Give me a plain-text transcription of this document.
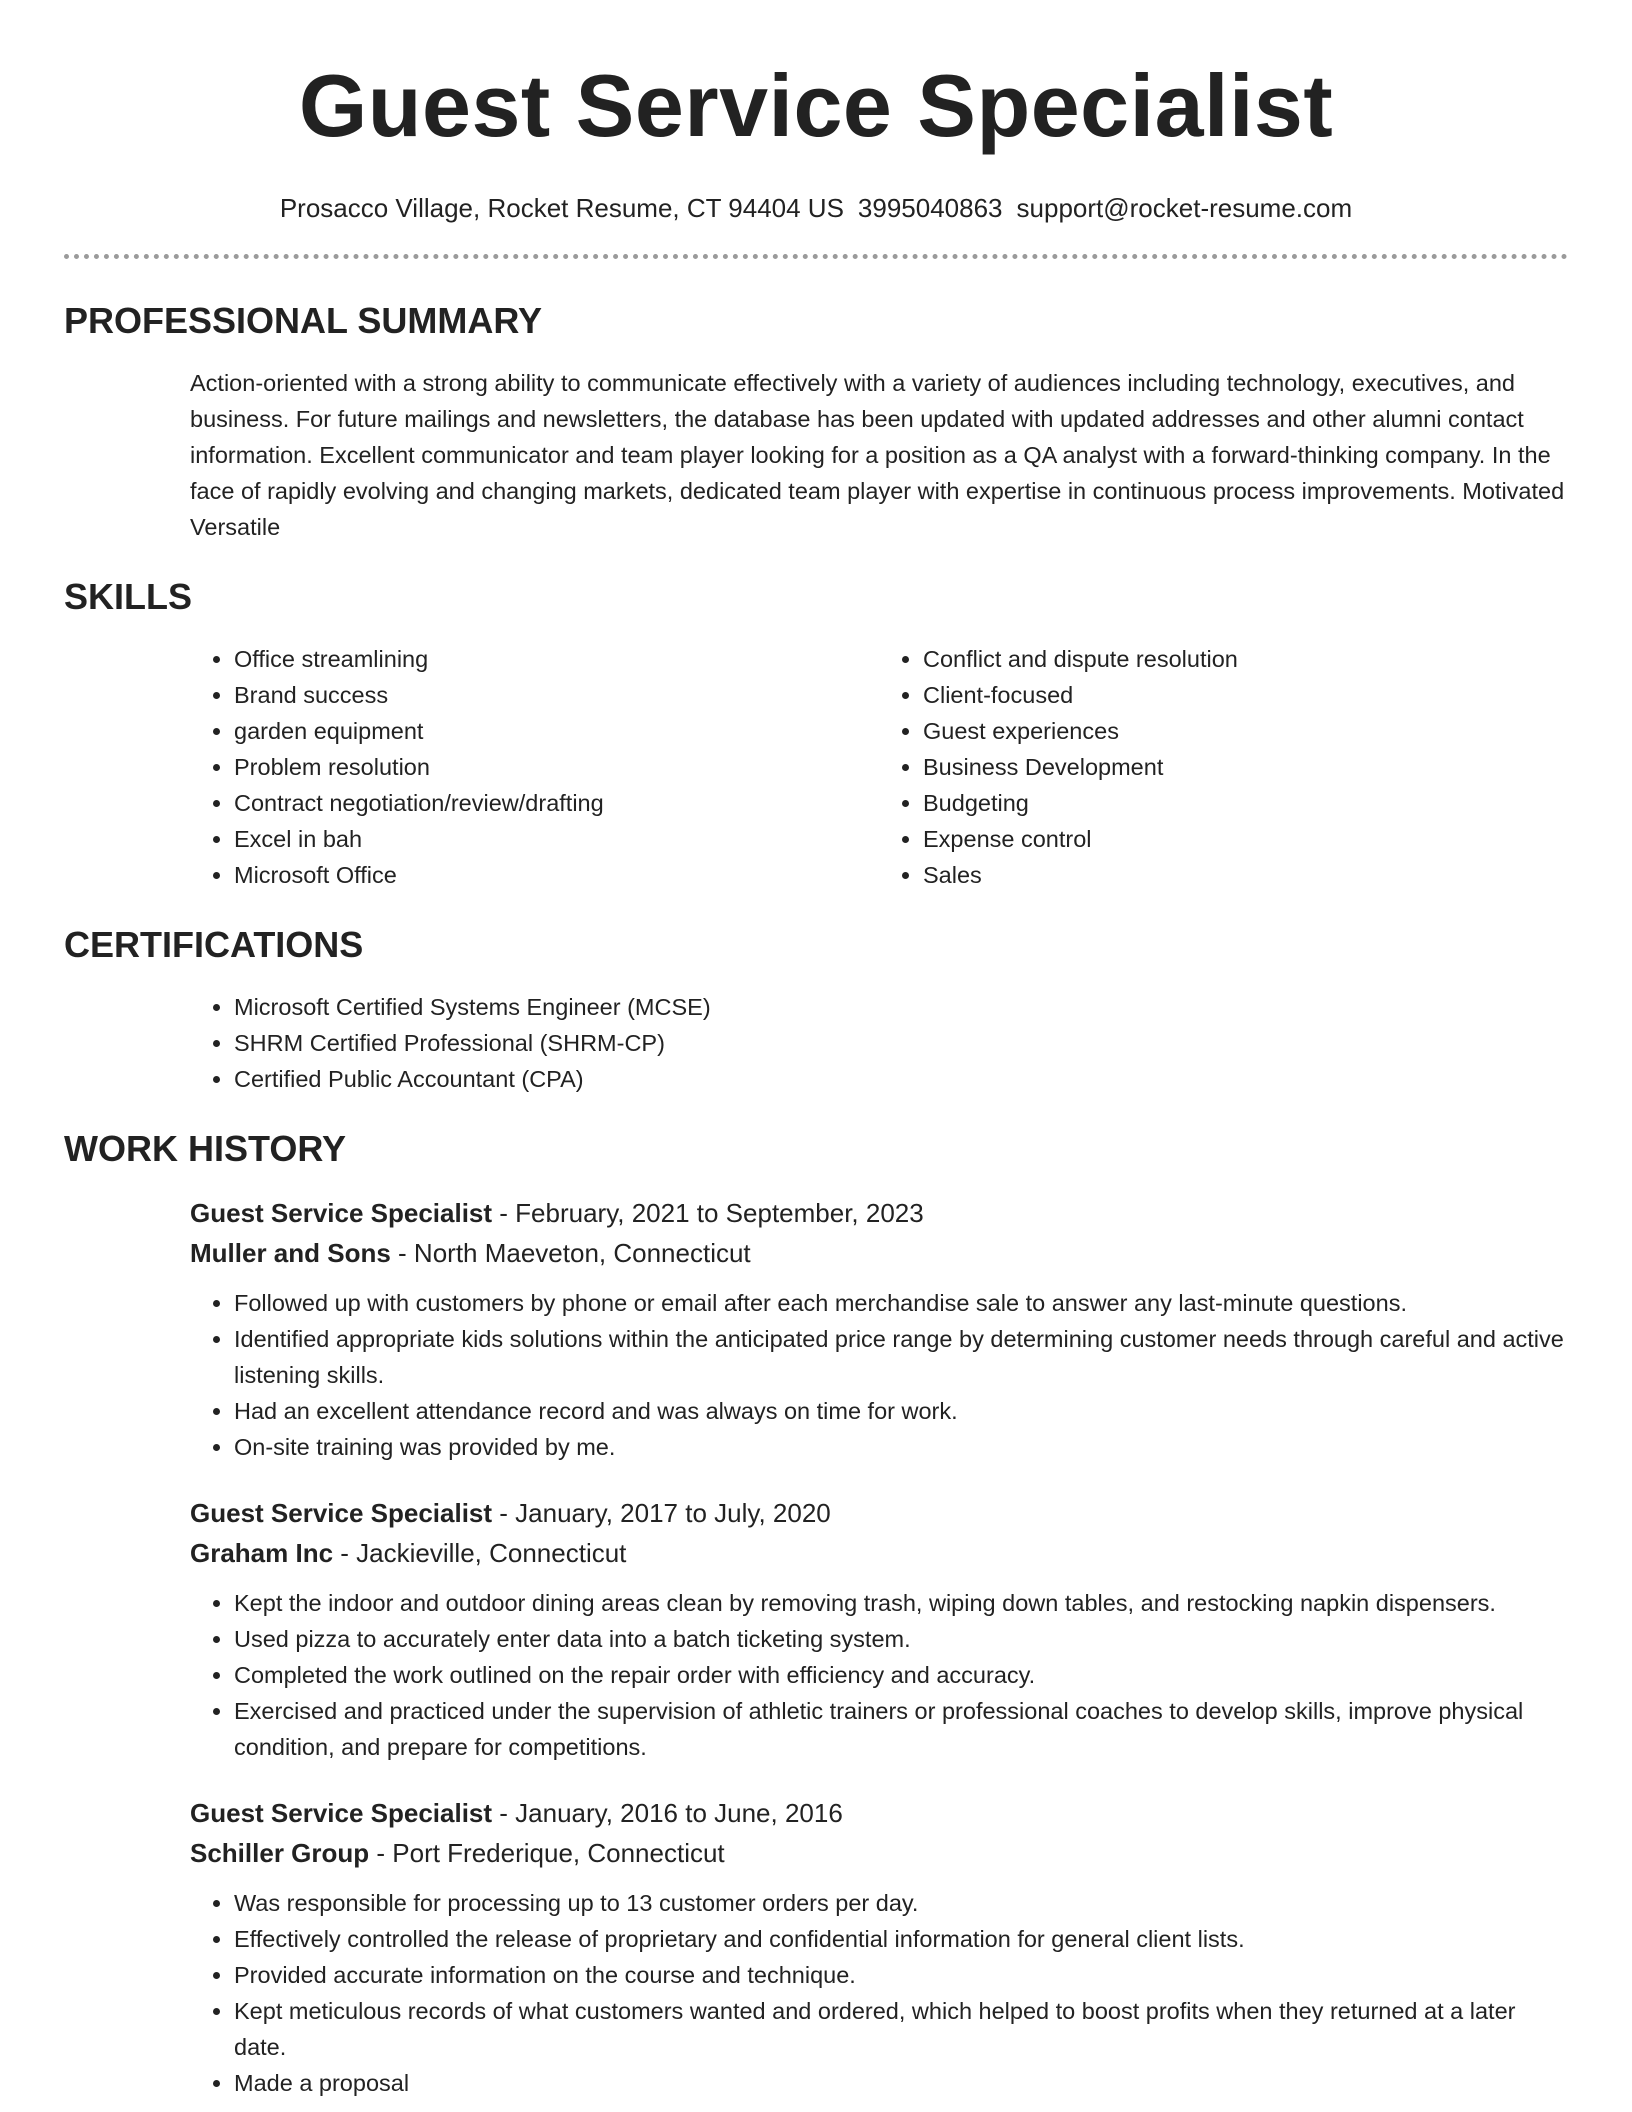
Guest Service Specialist
Prosacco Village, Rocket Resume, CT 94404 US 3995040863 support@rocket-resume.com
PROFESSIONAL SUMMARY

Action-oriented with a strong ability to communicate effectively with a variety of audiences including technology, executives, and business. For future mailings and newsletters, the database has been updated with updated addresses and other alumni contact information. Excellent communicator and team player looking for a position as a QA analyst with a forward-thinking company. In the face of rapidly evolving and changing markets, dedicated team player with expertise in continuous process improvements. Motivated Versatile

SKILLS
• Office streamlining
• Brand success
• garden equipment
• Problem resolution
• Contract negotiation/review/drafting
• Excel in bah
• Microsoft Office
• Conflict and dispute resolution
• Client-focused
• Guest experiences
• Business Development
• Budgeting
• Expense control
• Sales
CERTIFICATIONS
• Microsoft Certified Systems Engineer (MCSE)
• SHRM Certified Professional (SHRM-CP)
• Certified Public Accountant (CPA)
WORK HISTORY
Guest Service Specialist - February, 2021 to September, 2023
Muller and Sons - North Maeveton, Connecticut
• Followed up with customers by phone or email after each merchandise sale to answer any last-minute questions.
• Identified appropriate kids solutions within the anticipated price range by determining customer needs through careful and active listening skills.
• Had an excellent attendance record and was always on time for work.
• On-site training was provided by me.
Guest Service Specialist - January, 2017 to July, 2020
Graham Inc - Jackieville, Connecticut
• Kept the indoor and outdoor dining areas clean by removing trash, wiping down tables, and restocking napkin dispensers.
• Used pizza to accurately enter data into a batch ticketing system.
• Completed the work outlined on the repair order with efficiency and accuracy.
• Exercised and practiced under the supervision of athletic trainers or professional coaches to develop skills, improve physical condition, and prepare for competitions.
Guest Service Specialist - January, 2016 to June, 2016
Schiller Group - Port Frederique, Connecticut
• Was responsible for processing up to 13 customer orders per day.
• Effectively controlled the release of proprietary and confidential information for general client lists.
• Provided accurate information on the course and technique.
• Kept meticulous records of what customers wanted and ordered, which helped to boost profits when they returned at a later date.
• Made a proposal
